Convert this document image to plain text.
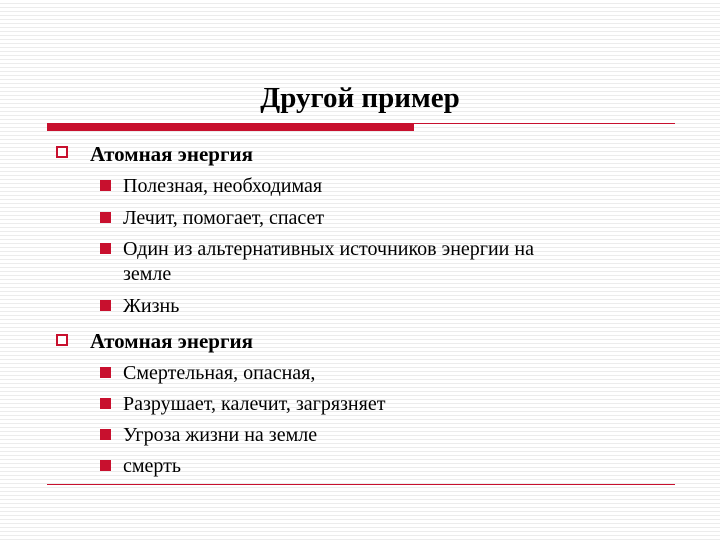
Другой пример
Атомная энергия
Полезная, необходимая
Лечит, помогает, спасет
Один из альтернативных источников энергии на
земле
Жизнь
Атомная энергия
Смертельная, опасная,
Разрушает, калечит, загрязняет
Угроза жизни на земле
смерть
